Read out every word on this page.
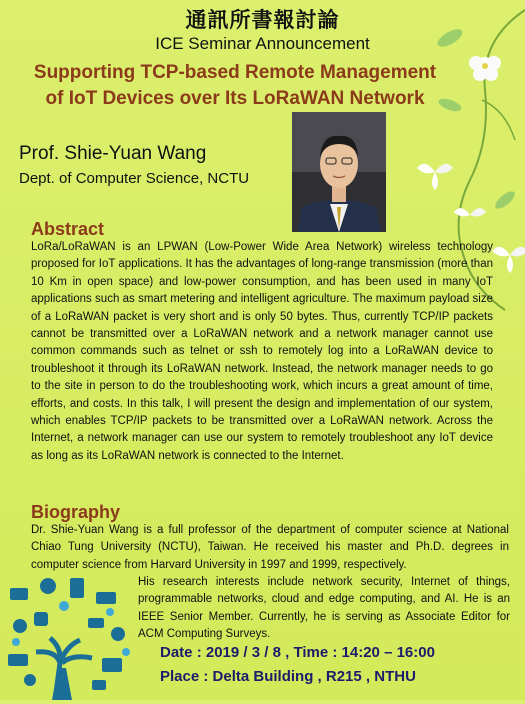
通訊所書報討論
ICE Seminar Announcement
Supporting TCP-based Remote Management
of IoT Devices over Its LoRaWAN Network
Prof. Shie-Yuan Wang
Dept. of Computer Science, NCTU
Abstract
LoRa/LoRaWAN is an LPWAN (Low-Power Wide Area Network) wireless technology proposed for IoT applications. It has the advantages of long-range transmission (more than 10 Km in open space) and low-power consumption, and has been used in many IoT applications such as smart metering and intelligent agriculture. The maximum payload size of a LoRaWAN packet is very short and is only 50 bytes. Thus, currently TCP/IP packets cannot be transmitted over a LoRaWAN network and a network manager cannot use common commands such as telnet or ssh to remotely log into a LoRaWAN device to troubleshoot it through its LoRaWAN network. Instead, the network manager needs to go to the site in person to do the troubleshooting work, which incurs a great amount of time, efforts, and costs. In this talk, I will present the design and implementation of our system, which enables TCP/IP packets to be transmitted over a LoRaWAN network. Across the Internet, a network manager can use our system to remotely troubleshoot any IoT device as long as its LoRaWAN network is connected to the Internet.
Biography
Dr. Shie-Yuan Wang is a full professor of the department of computer science at National Chiao Tung University (NCTU), Taiwan. He received his master and Ph.D. degrees in computer science from Harvard University in 1997 and 1999, respectively.
His research interests include network security, Internet of things, programmable networks, cloud and edge computing, and AI. He is an IEEE Senior Member. Currently, he is serving as Associate Editor for ACM Computing Surveys.
Date : 2019 / 3 / 8 , Time : 14:20 – 16:00
Place : Delta Building , R215 , NTHU
